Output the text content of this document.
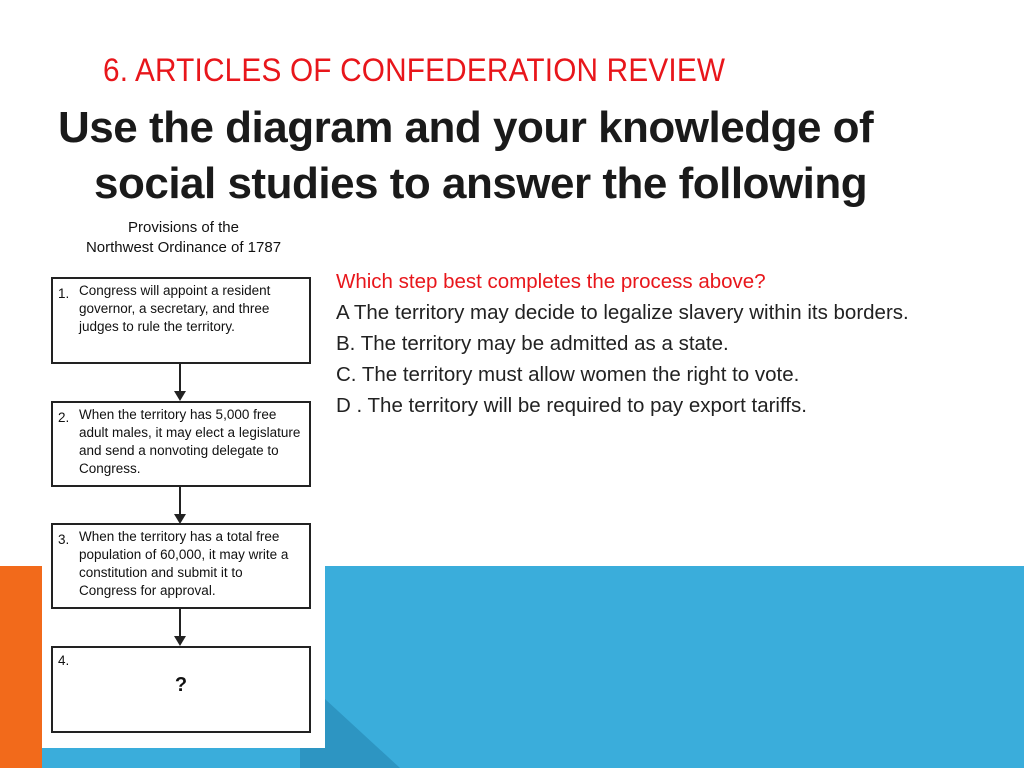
6. ARTICLES OF CONFEDERATION REVIEW
Use the diagram and your knowledge of
social studies to answer the following
Provisions of the
Northwest Ordinance of 1787
1. Congress will appoint a resident governor, a secretary, and three judges to rule the territory.
2. When the territory has 5,000 free adult males, it may elect a legislature and send a nonvoting delegate to Congress.
3. When the territory has a total free population of 60,000, it may write a constitution and submit it to Congress for approval.
4.
?

Which step best completes the process above?

A The territory may decide to legalize slavery within its borders.

B. The territory may be admitted as a state.

C. The territory must allow women the right to vote.

D . The territory will be required to pay export tariffs.
